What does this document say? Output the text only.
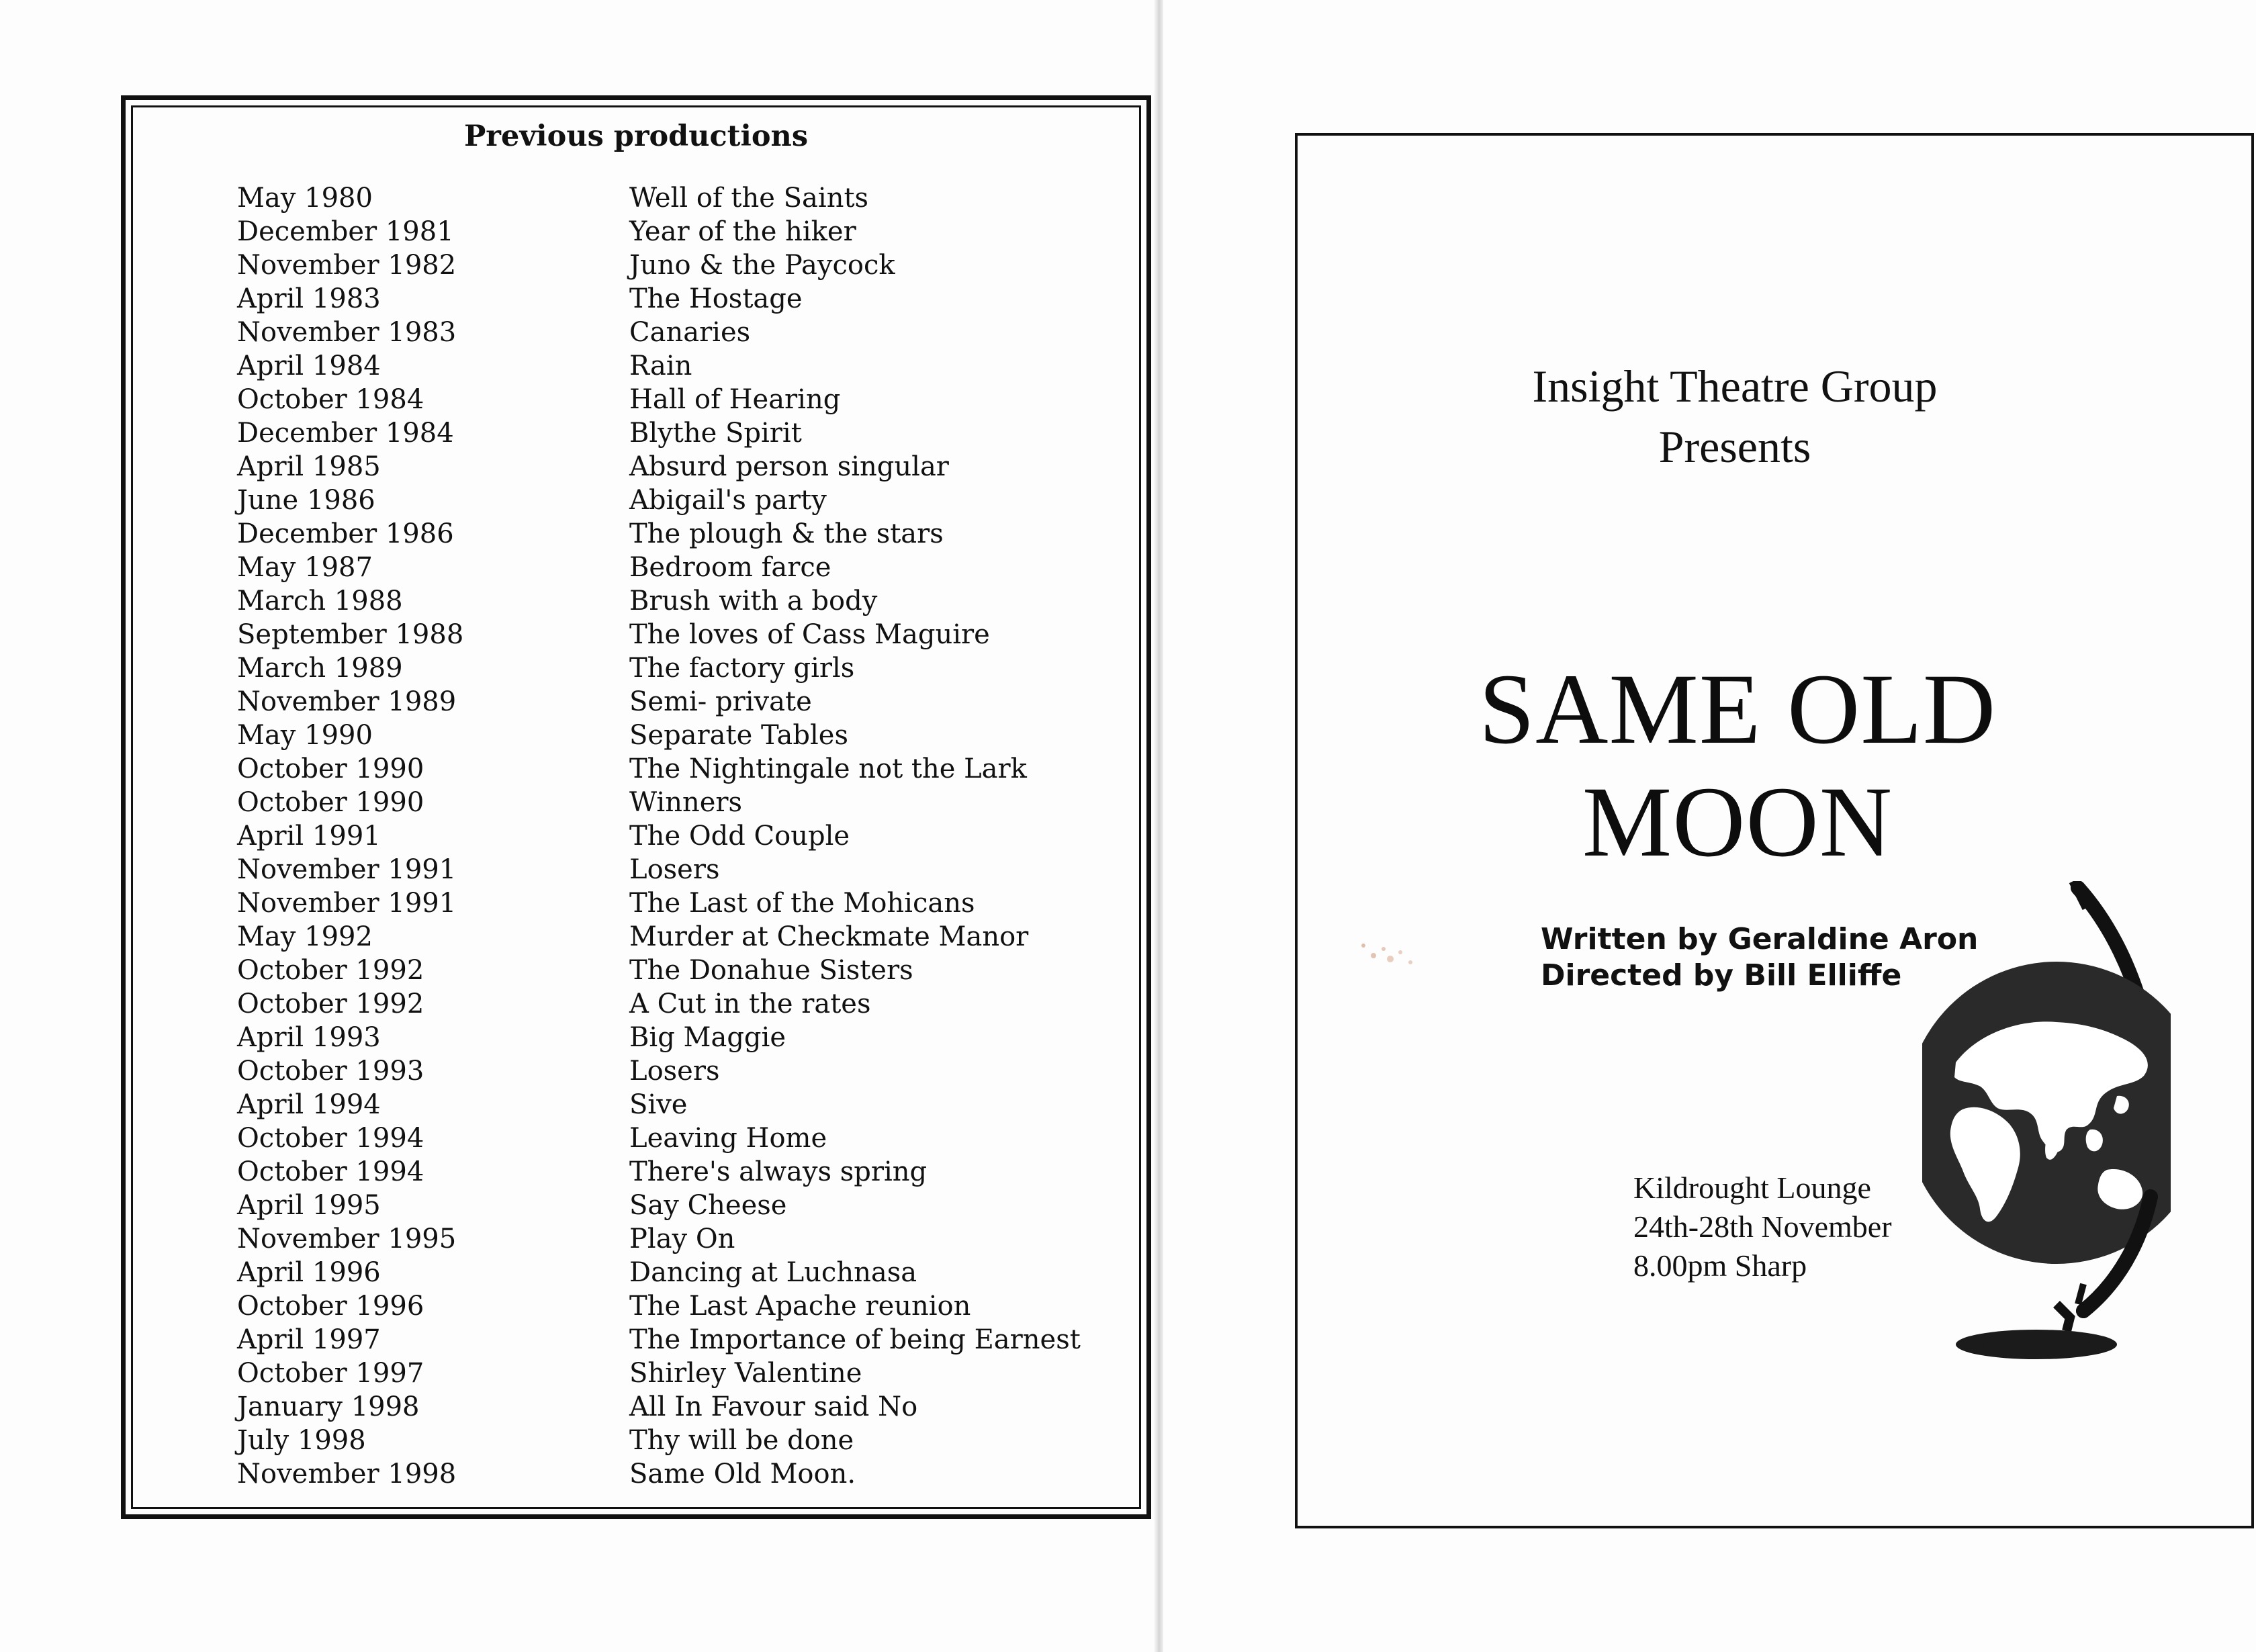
Previous productions
May 1980	Well of the Saints
December 1981	Year of the hiker
November 1982	Juno & the Paycock
April 1983	The Hostage
November 1983	Canaries
April 1984	Rain
October 1984	Hall of Hearing
December 1984	Blythe Spirit
April 1985	Absurd person singular
June 1986	Abigail's party
December 1986	The plough & the stars
May 1987	Bedroom farce
March 1988	Brush with a body
September 1988	The loves of Cass Maguire
March 1989	The factory girls
November 1989	Semi- private
May 1990	Separate Tables
October 1990	The Nightingale not the Lark
October 1990	Winners
April 1991	The Odd Couple
November 1991	Losers
November 1991	The Last of the Mohicans
May 1992	Murder at Checkmate Manor
October 1992	The Donahue Sisters
October 1992	A Cut in the rates
April 1993	Big Maggie
October 1993	Losers
April 1994	Sive
October 1994	Leaving Home
October 1994	There's always spring
April 1995	Say Cheese
November 1995	Play On
April 1996	Dancing at Luchnasa
October 1996	The Last Apache reunion
April 1997	The Importance of being Earnest
October 1997	Shirley Valentine
January 1998	All In Favour said No
July 1998	Thy will be done
November 1998	Same Old Moon.
Insight Theatre Group
Presents
SAME OLD
MOON
Written by Geraldine Aron
Directed by Bill Elliffe
Kildrought Lounge
24th-28th November
8.00pm Sharp
